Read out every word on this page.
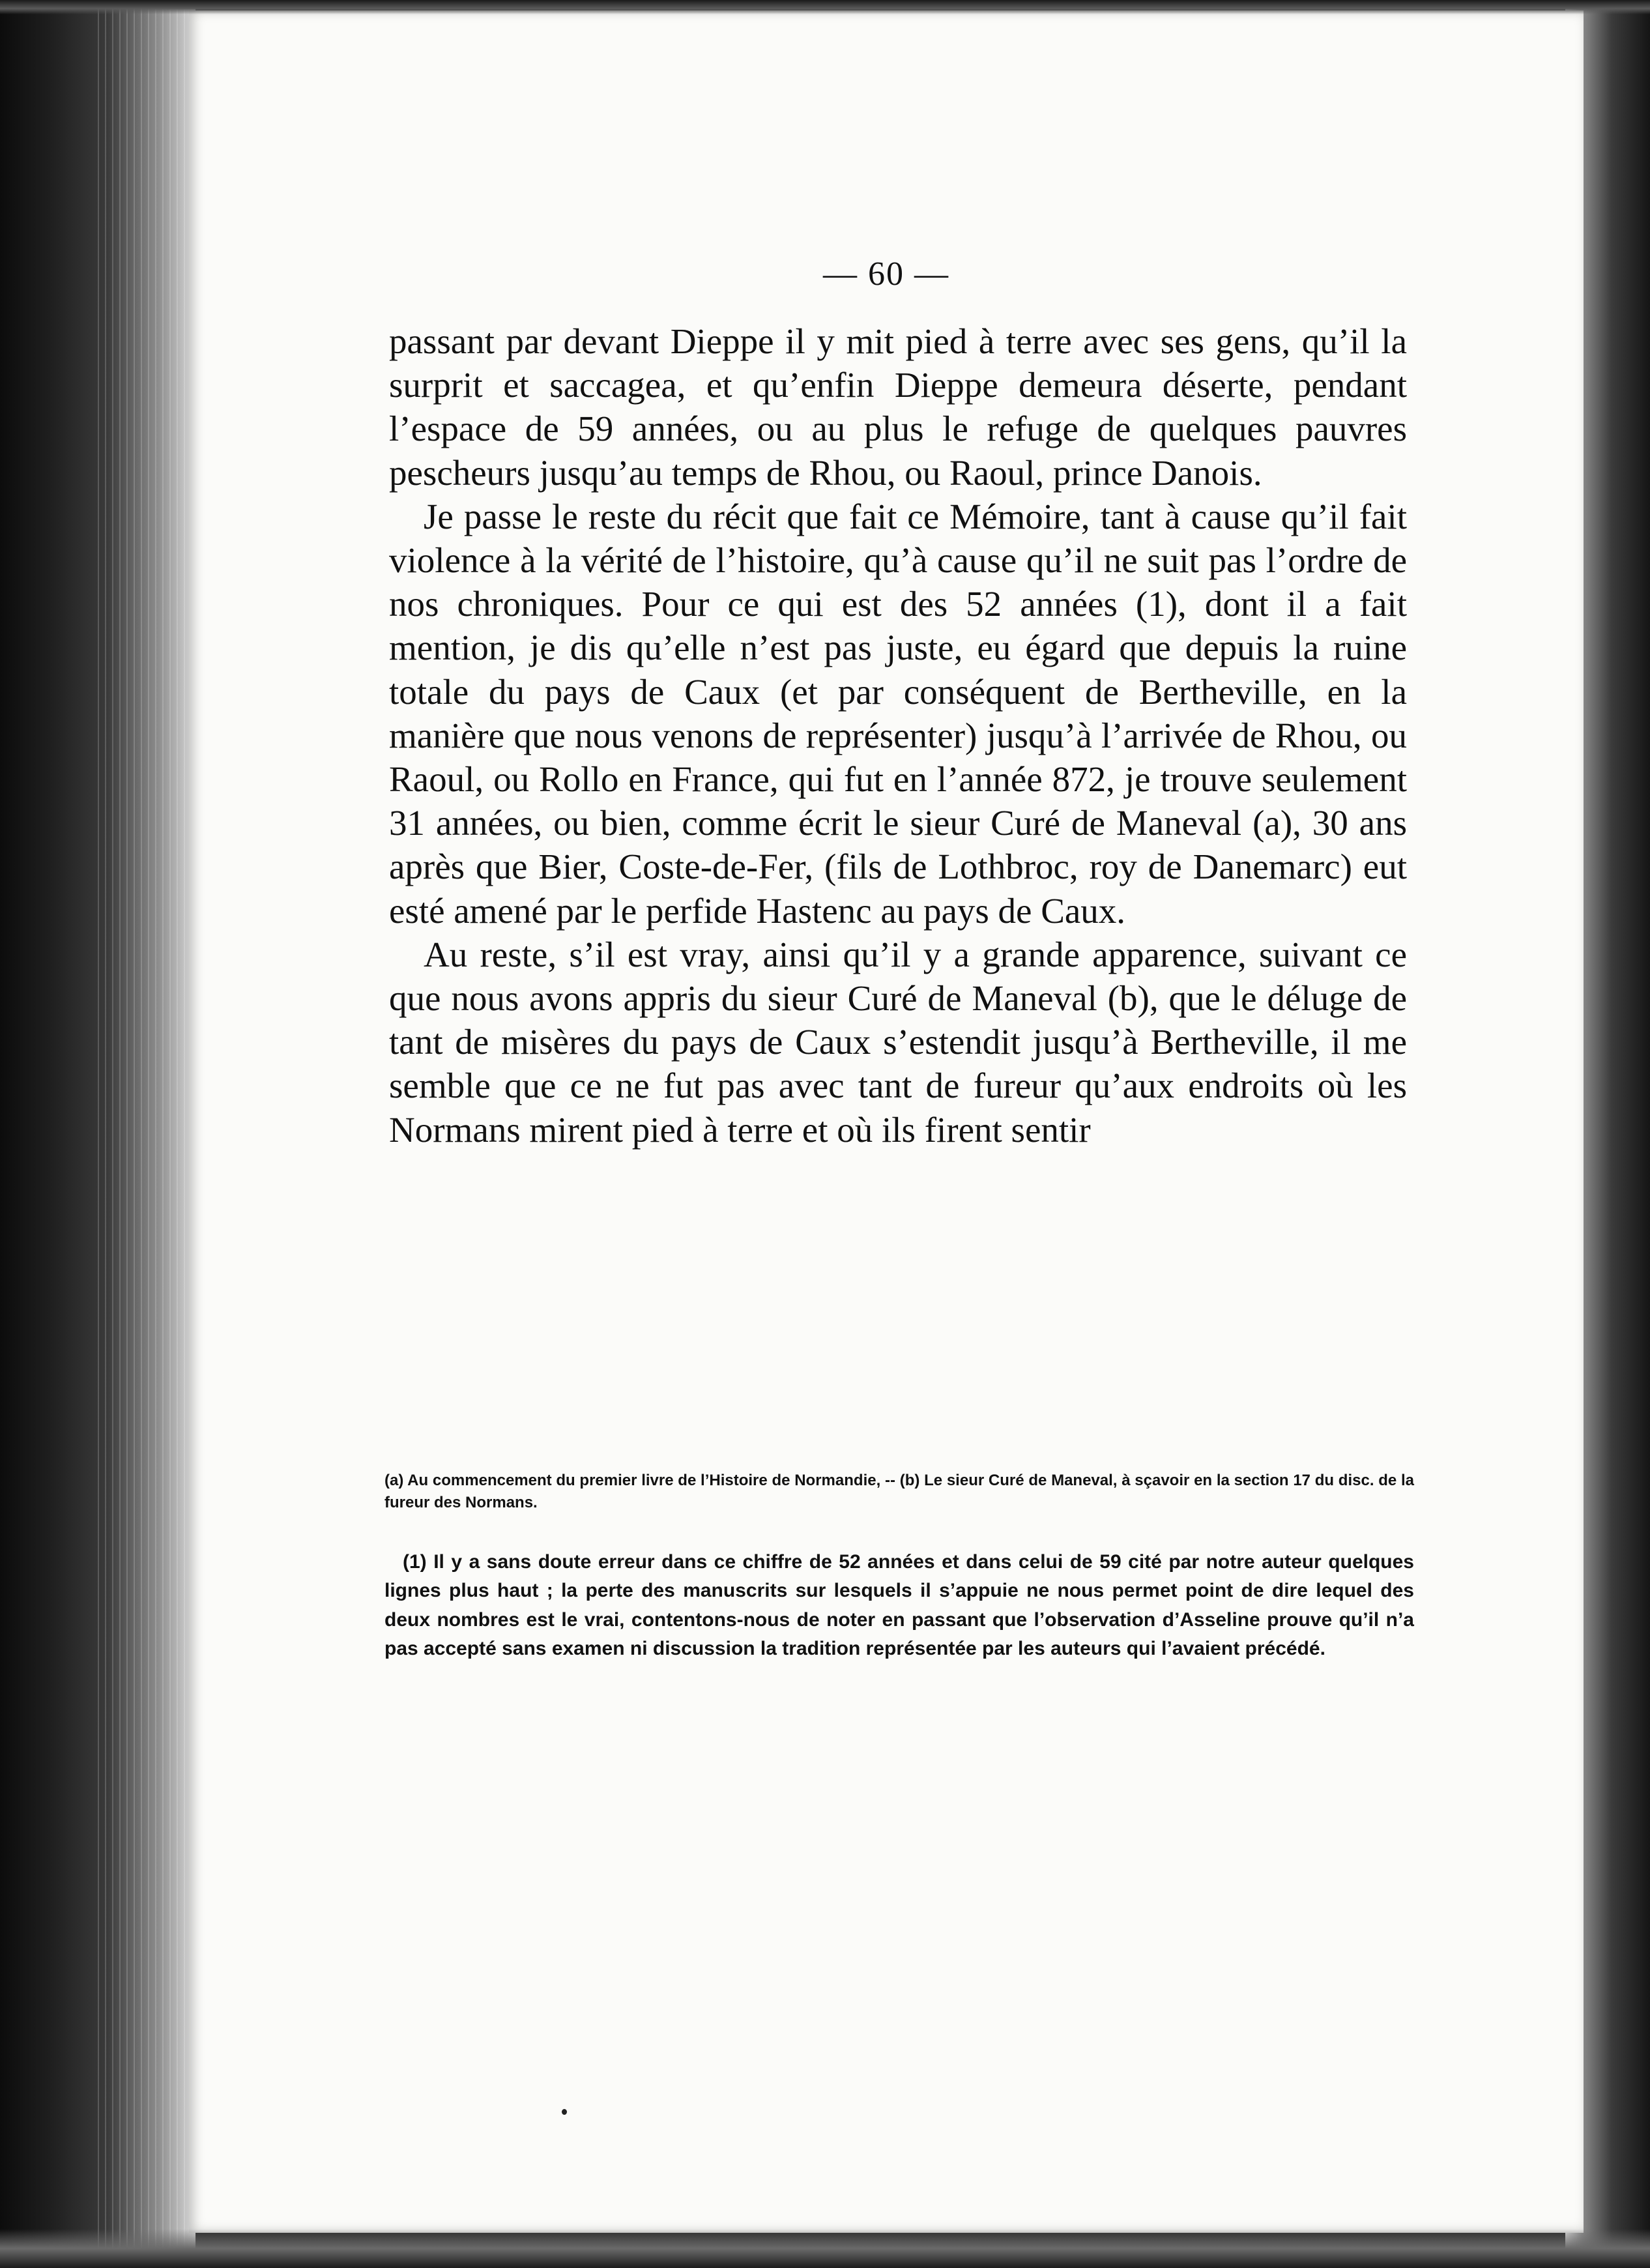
— 60 —

passant par devant Dieppe il y mit pied à terre avec ses gens, qu’il la surprit et saccagea, et qu’enfin Dieppe demeura déserte, pendant l’espace de 59 années, ou au plus le refuge de quelques pauvres pescheurs jusqu’au temps de Rhou, ou Raoul, prince Danois.

Je passe le reste du récit que fait ce Mémoire, tant à cause qu’il fait violence à la vérité de l’histoire, qu’à cause qu’il ne suit pas l’ordre de nos chroniques. Pour ce qui est des 52 années (1), dont il a fait mention, je dis qu’elle n’est pas juste, eu égard que depuis la ruine totale du pays de Caux (et par conséquent de Bertheville, en la manière que nous venons de représenter) jusqu’à l’arrivée de Rhou, ou Raoul, ou Rollo en France, qui fut en l’année 872, je trouve seulement 31 années, ou bien, comme écrit le sieur Curé de Maneval (a), 30 ans après que Bier, Coste-de-Fer, (fils de Lothbroc, roy de Danemarc) eut esté amené par le perfide Hastenc au pays de Caux.

Au reste, s’il est vray, ainsi qu’il y a grande apparence, suivant ce que nous avons appris du sieur Curé de Maneval (b), que le déluge de tant de misères du pays de Caux s’estendit jusqu’à Bertheville, il me semble que ce ne fut pas avec tant de fureur qu’aux endroits où les Normans mirent pied à terre et où ils firent sentir

(a) Au commencement du premier livre de l’Histoire de Normandie, -- (b) Le sieur Curé de Maneval, à sçavoir en la section 17 du disc. de la fureur des Normans.

(1) Il y a sans doute erreur dans ce chiffre de 52 années et dans celui de 59 cité par notre auteur quelques lignes plus haut ; la perte des manuscrits sur lesquels il s’appuie ne nous permet point de dire lequel des deux nombres est le vrai, contentons-nous de noter en passant que l’observation d’Asseline prouve qu’il n’a pas accepté sans examen ni discussion la tradition représentée par les auteurs qui l’avaient précédé.
